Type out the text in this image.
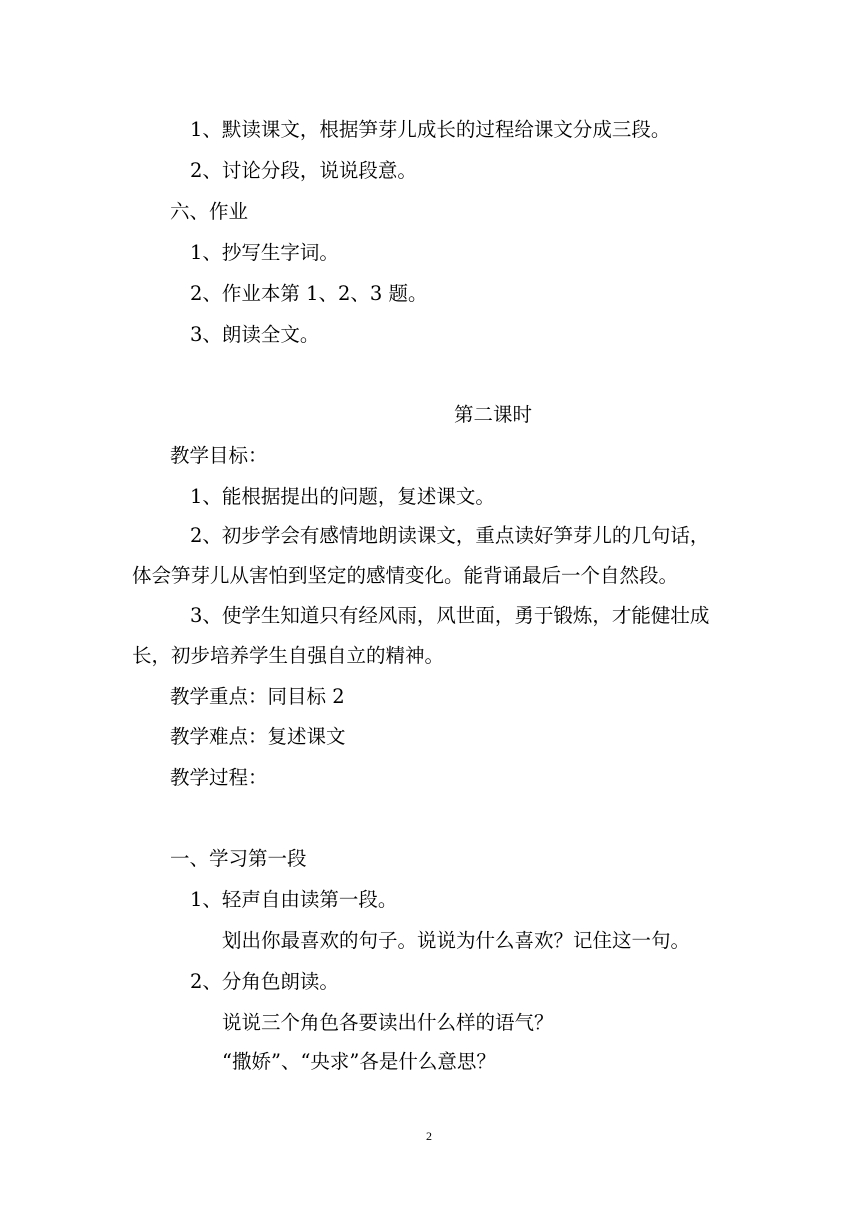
1、默读课文，根据笋芽儿成长的过程给课文分成三段。
2、讨论分段，说说段意。
六、作业
1、抄写生字词。
2、作业本第 1、2、3 题。
3、朗读全文。
第二课时
教学目标：
1、能根据提出的问题，复述课文。
2、初步学会有感情地朗读课文，重点读好笋芽儿的几句话，
体会笋芽儿从害怕到坚定的感情变化。能背诵最后一个自然段。
3、使学生知道只有经风雨，风世面，勇于锻炼，才能健壮成
长，初步培养学生自强自立的精神。
教学重点：同目标 2
教学难点：复述课文
教学过程：
一、学习第一段
1、轻声自由读第一段。
划出你最喜欢的句子。说说为什么喜欢？记住这一句。
2、分角色朗读。
说说三个角色各要读出什么样的语气？
“撒娇”、“央求”各是什么意思？
2
